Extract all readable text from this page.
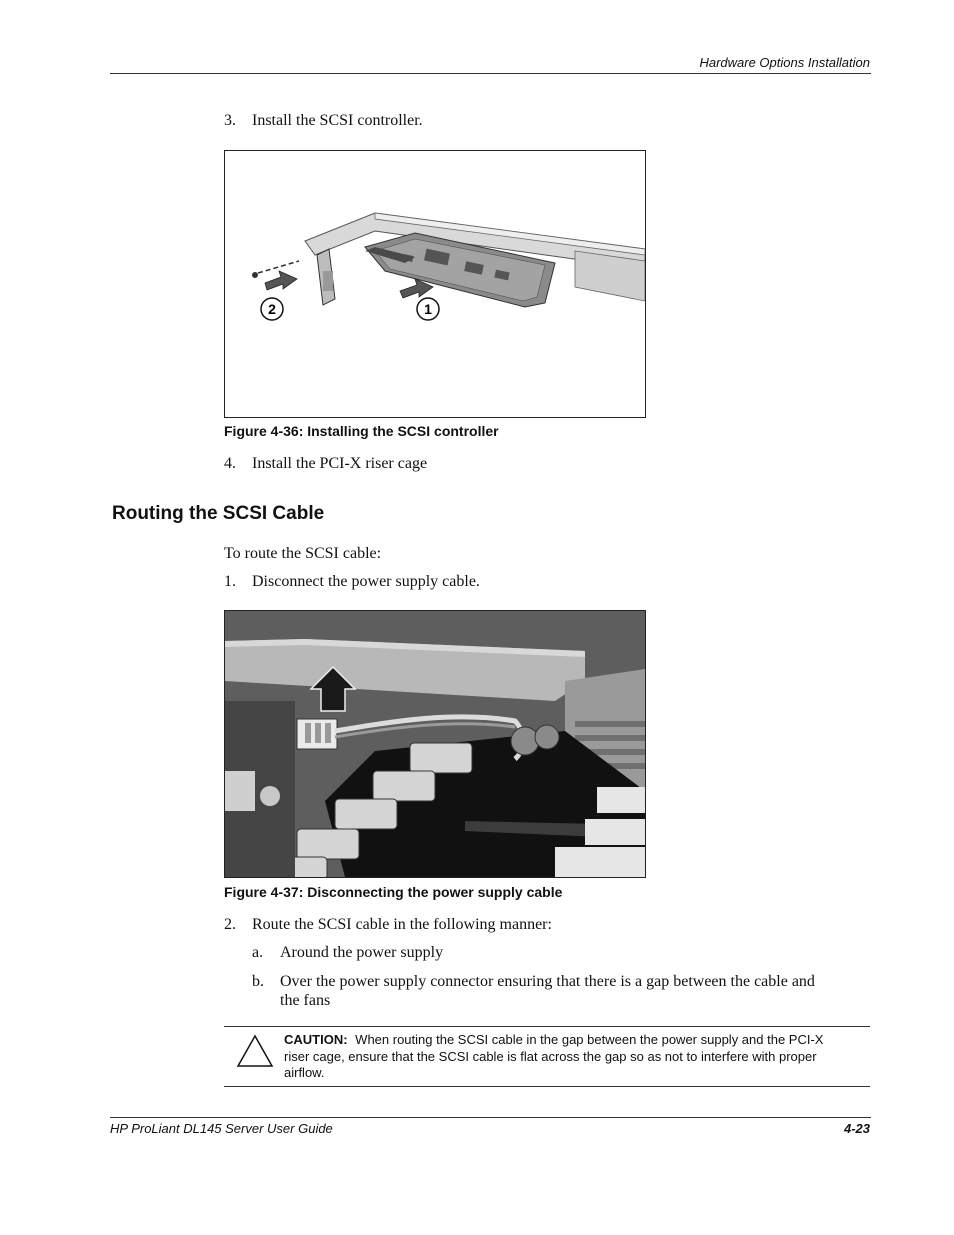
Hardware Options Installation
3. Install the SCSI controller.
2	1
Figure 4-36: Installing the SCSI controller
4. Install the PCI-X riser cage
Routing the SCSI Cable
To route the SCSI cable:
1. Disconnect the power supply cable.
Figure 4-37: Disconnecting the power supply cable
2. Route the SCSI cable in the following manner:
a. Around the power supply
b. Over the power supply connector ensuring that there is a gap between the cable and
the fans
CAUTION: When routing the SCSI cable in the gap between the power supply and the PCI-X
riser cage, ensure that the SCSI cable is flat across the gap so as not to interfere with proper
airflow.
HP ProLiant DL145 Server User Guide	4-23
